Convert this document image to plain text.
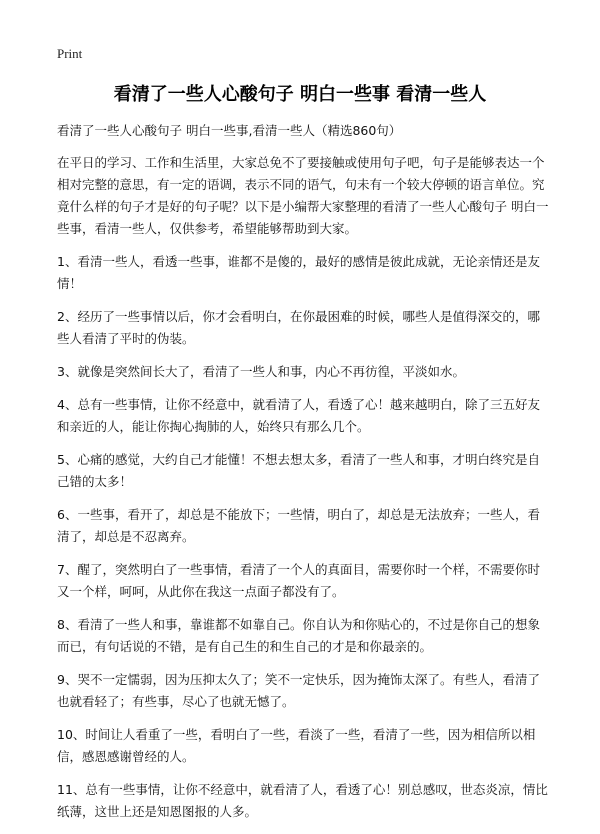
Print
看清了一些人心酸句子 明白一些事 看清一些人

看清了一些人心酸句子 明白一些事,看清一些人（精选860句）

在平日的学习、工作和生活里，大家总免不了要接触或使用句子吧，句子是能够表达一个相对完整的意思，有一定的语调，表示不同的语气，句未有一个较大停顿的语言单位。究竟什么样的句子才是好的句子呢？以下是小编帮大家整理的看清了一些人心酸句子 明白一些事，看清一些人，仅供参考，希望能够帮助到大家。

1、看清一些人，看透一些事，谁都不是傻的，最好的感情是彼此成就，无论亲情还是友情！

2、经历了一些事情以后，你才会看明白，在你最困难的时候，哪些人是值得深交的，哪些人看清了平时的伪装。

3、就像是突然间长大了，看清了一些人和事，内心不再彷徨，平淡如水。

4、总有一些事情，让你不经意中，就看清了人，看透了心！越来越明白，除了三五好友和亲近的人，能让你掏心掏肺的人，始终只有那么几个。

5、心痛的感觉，大约自己才能懂！不想去想太多，看清了一些人和事，才明白终究是自己错的太多！

6、一些事，看开了，却总是不能放下；一些情，明白了，却总是无法放弃；一些人，看清了，却总是不忍离弃。

7、醒了，突然明白了一些事情，看清了一个人的真面目，需要你时一个样，不需要你时又一个样，呵呵，从此你在我这一点面子都没有了。

8、看清了一些人和事，靠谁都不如靠自己。你自认为和你贴心的，不过是你自己的想象而已，有句话说的不错，是有自己生的和生自己的才是和你最亲的。

9、哭不一定懦弱，因为压抑太久了；笑不一定快乐，因为掩饰太深了。有些人，看清了也就看轻了；有些事，尽心了也就无憾了。

10、时间让人看重了一些，看明白了一些，看淡了一些，看清了一些，因为相信所以相信，感恩感谢曾经的人。

11、总有一些事情，让你不经意中，就看清了人，看透了心！别总感叹，世态炎凉，情比纸薄，这世上还是知恩图报的人多。
